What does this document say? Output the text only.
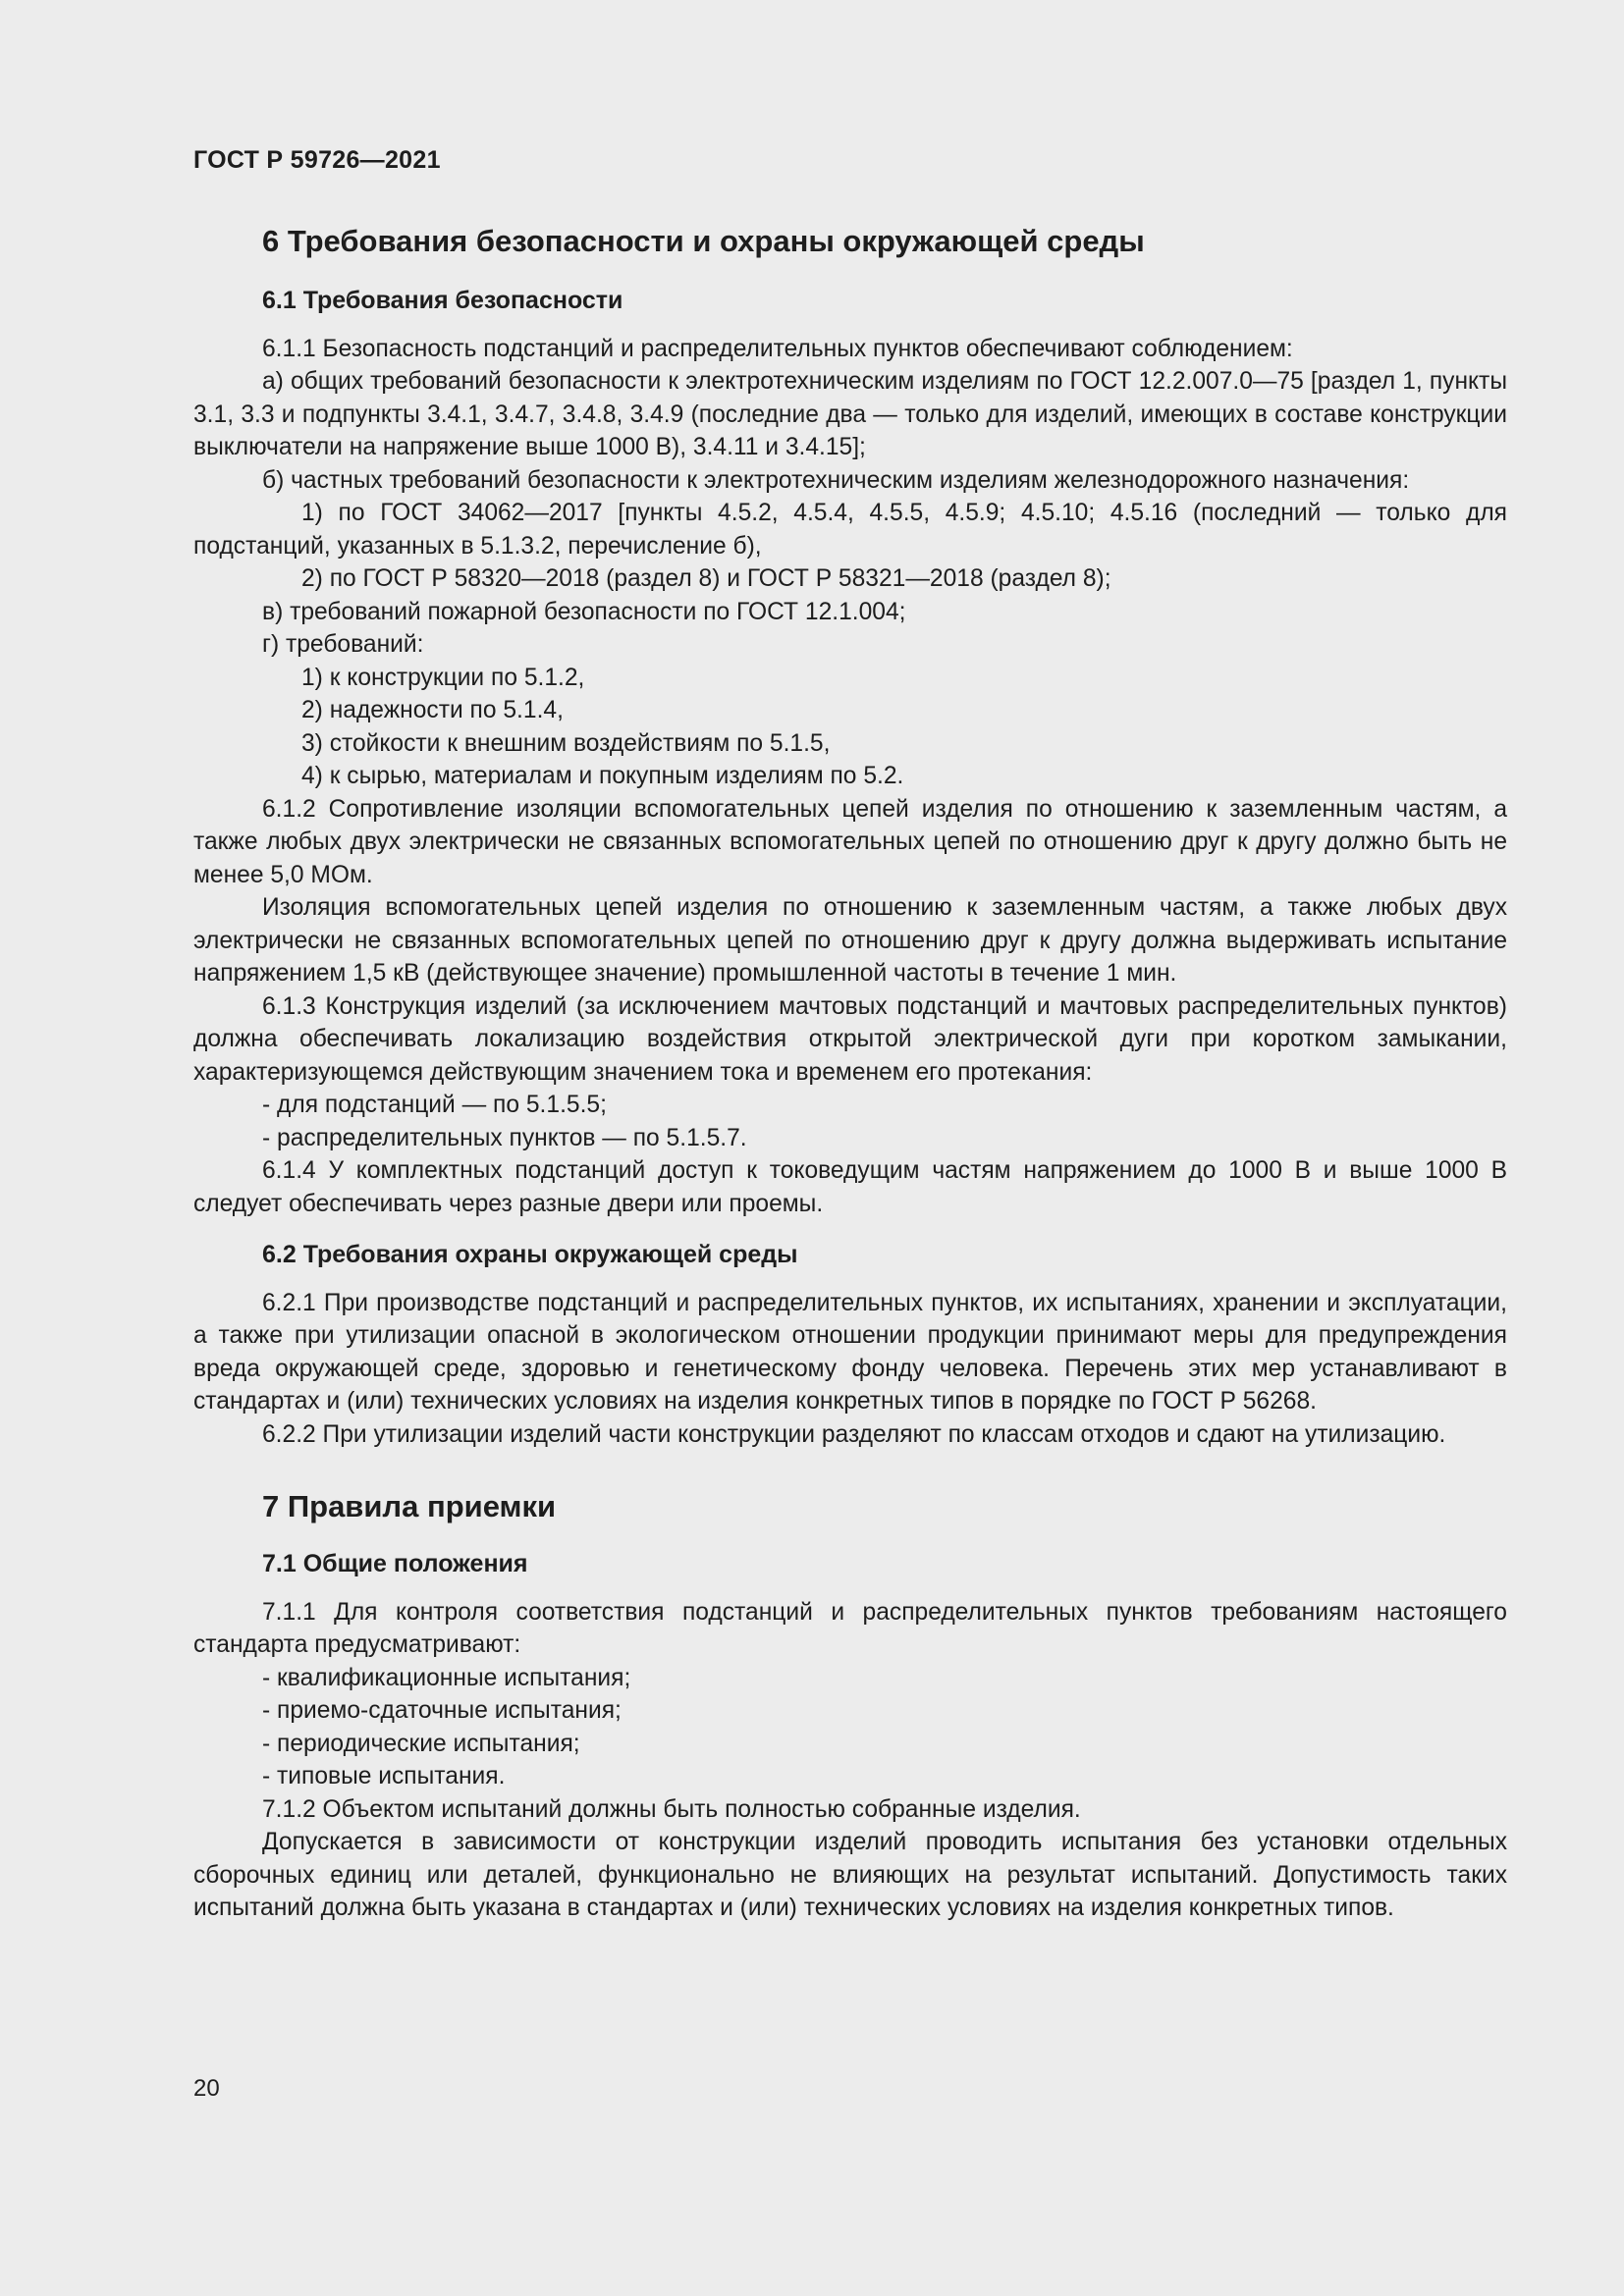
ГОСТ Р 59726—2021

6 Требования безопасности и охраны окружающей среды

6.1 Требования безопасности

6.1.1 Безопасность подстанций и распределительных пунктов обеспечивают соблюдением:

а) общих требований безопасности к электротехническим изделиям по ГОСТ 12.2.007.0—75 [раздел 1, пункты 3.1, 3.3 и подпункты 3.4.1, 3.4.7, 3.4.8, 3.4.9 (последние два — только для изделий, имеющих в составе конструкции выключатели на напряжение выше 1000 В), 3.4.11 и 3.4.15];

б) частных требований безопасности к электротехническим изделиям железнодорожного назначения:

1) по ГОСТ 34062—2017 [пункты 4.5.2, 4.5.4, 4.5.5, 4.5.9; 4.5.10; 4.5.16 (последний — только для подстанций, указанных в 5.1.3.2, перечисление б),

2) по ГОСТ Р 58320—2018 (раздел 8) и ГОСТ Р 58321—2018 (раздел 8);

в) требований пожарной безопасности по ГОСТ 12.1.004;

г) требований:

1) к конструкции по 5.1.2,

2) надежности по 5.1.4,

3) стойкости к внешним воздействиям по 5.1.5,

4) к сырью, материалам и покупным изделиям по 5.2.

6.1.2 Сопротивление изоляции вспомогательных цепей изделия по отношению к заземленным частям, а также любых двух электрически не связанных вспомогательных цепей по отношению друг к другу должно быть не менее 5,0 МОм.

Изоляция вспомогательных цепей изделия по отношению к заземленным частям, а также любых двух электрически не связанных вспомогательных цепей по отношению друг к другу должна выдерживать испытание напряжением 1,5 кВ (действующее значение) промышленной частоты в течение 1 мин.

6.1.3 Конструкция изделий (за исключением мачтовых подстанций и мачтовых распределительных пунктов) должна обеспечивать локализацию воздействия открытой электрической дуги при коротком замыкании, характеризующемся действующим значением тока и временем его протекания:

- для подстанций — по 5.1.5.5;

- распределительных пунктов — по 5.1.5.7.

6.1.4 У комплектных подстанций доступ к токоведущим частям напряжением до 1000 В и выше 1000 В следует обеспечивать через разные двери или проемы.

6.2 Требования охраны окружающей среды

6.2.1 При производстве подстанций и распределительных пунктов, их испытаниях, хранении и эксплуатации, а также при утилизации опасной в экологическом отношении продукции принимают меры для предупреждения вреда окружающей среде, здоровью и генетическому фонду человека. Перечень этих мер устанавливают в стандартах и (или) технических условиях на изделия конкретных типов в порядке по ГОСТ Р 56268.

6.2.2 При утилизации изделий части конструкции разделяют по классам отходов и сдают на утилизацию.

7 Правила приемки

7.1 Общие положения

7.1.1 Для контроля соответствия подстанций и распределительных пунктов требованиям настоящего стандарта предусматривают:

- квалификационные испытания;

- приемо-сдаточные испытания;

- периодические испытания;

- типовые испытания.

7.1.2 Объектом испытаний должны быть полностью собранные изделия.

Допускается в зависимости от конструкции изделий проводить испытания без установки отдельных сборочных единиц или деталей, функционально не влияющих на результат испытаний. Допустимость таких испытаний должна быть указана в стандартах и (или) технических условиях на изделия конкретных типов.

20
